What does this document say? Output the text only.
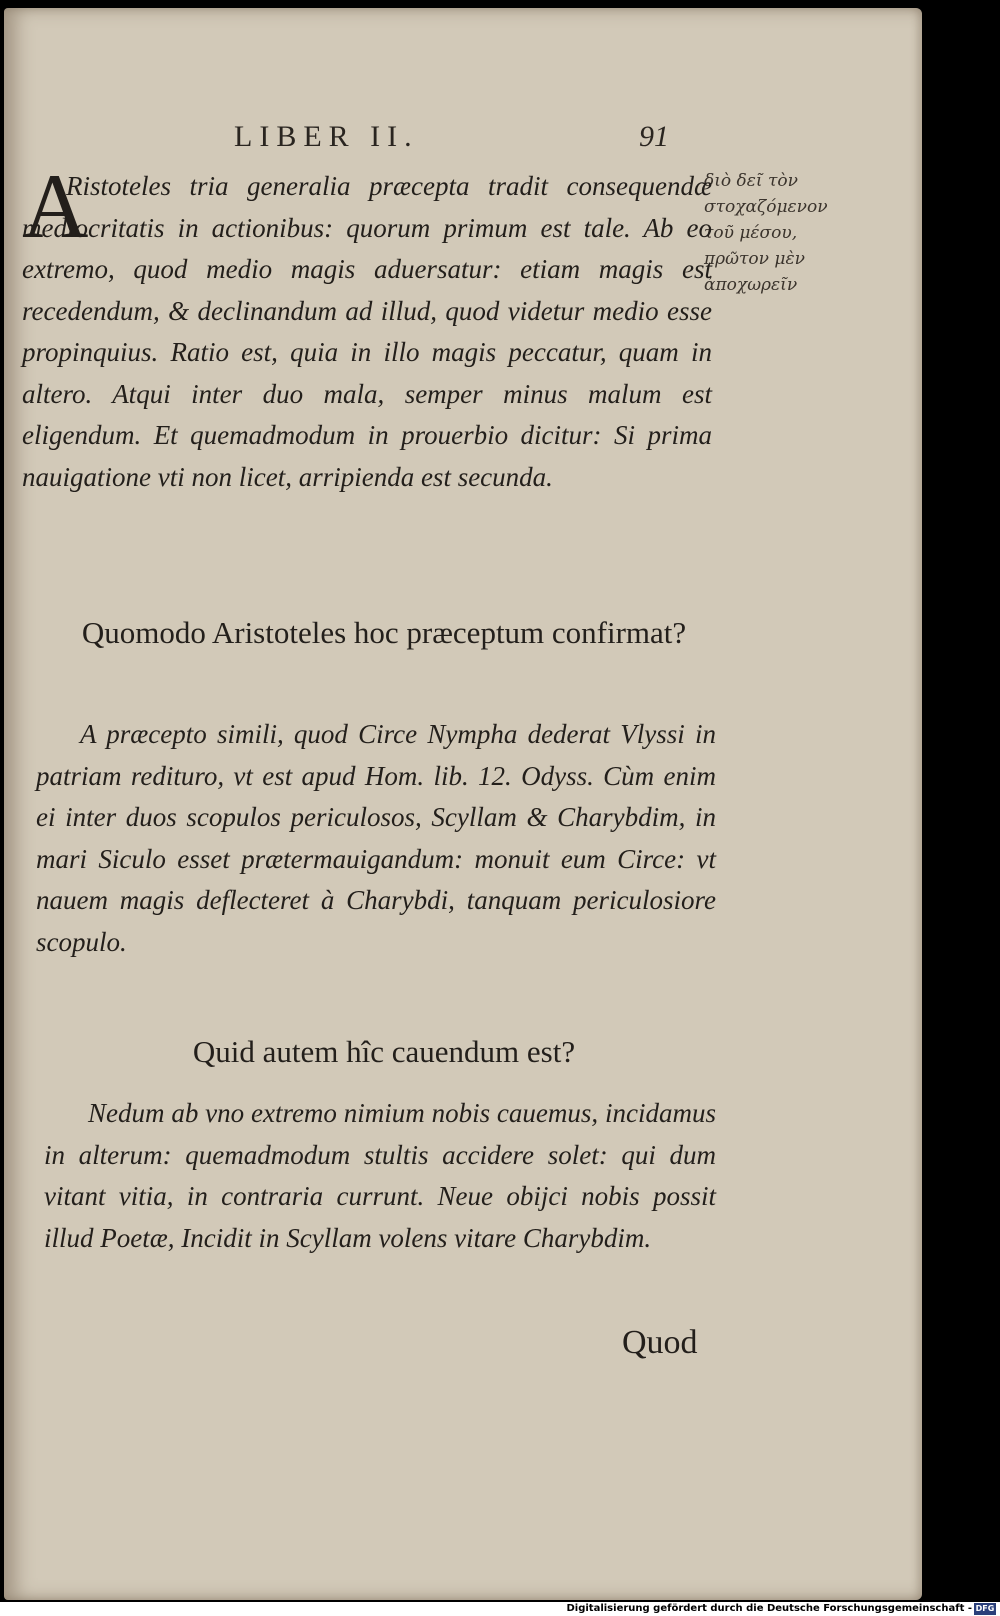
LIBER II.	91
διὸ δεῖ τὸν στοχαζόμενον τοῦ μέσου, πρῶτον μὲν ἀποχωρεῖν
A

Ristoteles tria generalia præcepta tradit consequendæ mediocritatis in actionibus: quorum primum est tale. Ab eo extremo, quod medio magis aduersatur: etiam magis est recedendum, & declinandum ad illud, quod videtur medio esse propinquius. Ratio est, quia in illo magis peccatur, quam in altero. Atqui inter duo mala, semper minus malum est eligendum. Et quemadmodum in prouerbio dicitur: Si prima nauigatione vti non licet, arripienda est secunda.

Quomodo Aristoteles hoc præceptum confirmat?

A præcepto simili, quod Circe Nympha dederat Vlyssi in patriam redituro, vt est apud Hom. lib. 12. Odyss. Cùm enim ei inter duos scopulos periculosos, Scyllam & Charybdim, in mari Siculo esset prætermauigandum: monuit eum Circe: vt nauem magis deflecteret à Charybdi, tanquam periculosiore scopulo.

Quid autem hîc cauendum est?

Nedum ab vno extremo nimium nobis cauemus, incidamus in alterum: quemadmodum stultis accidere solet: qui dum vitant vitia, in contraria currunt. Neue obijci nobis possit illud Poetæ, Incidit in Scyllam volens vitare Charybdim.

Quod
Digitalisierung gefördert durch die Deutsche Forschungsgemeinschaft - DFG
